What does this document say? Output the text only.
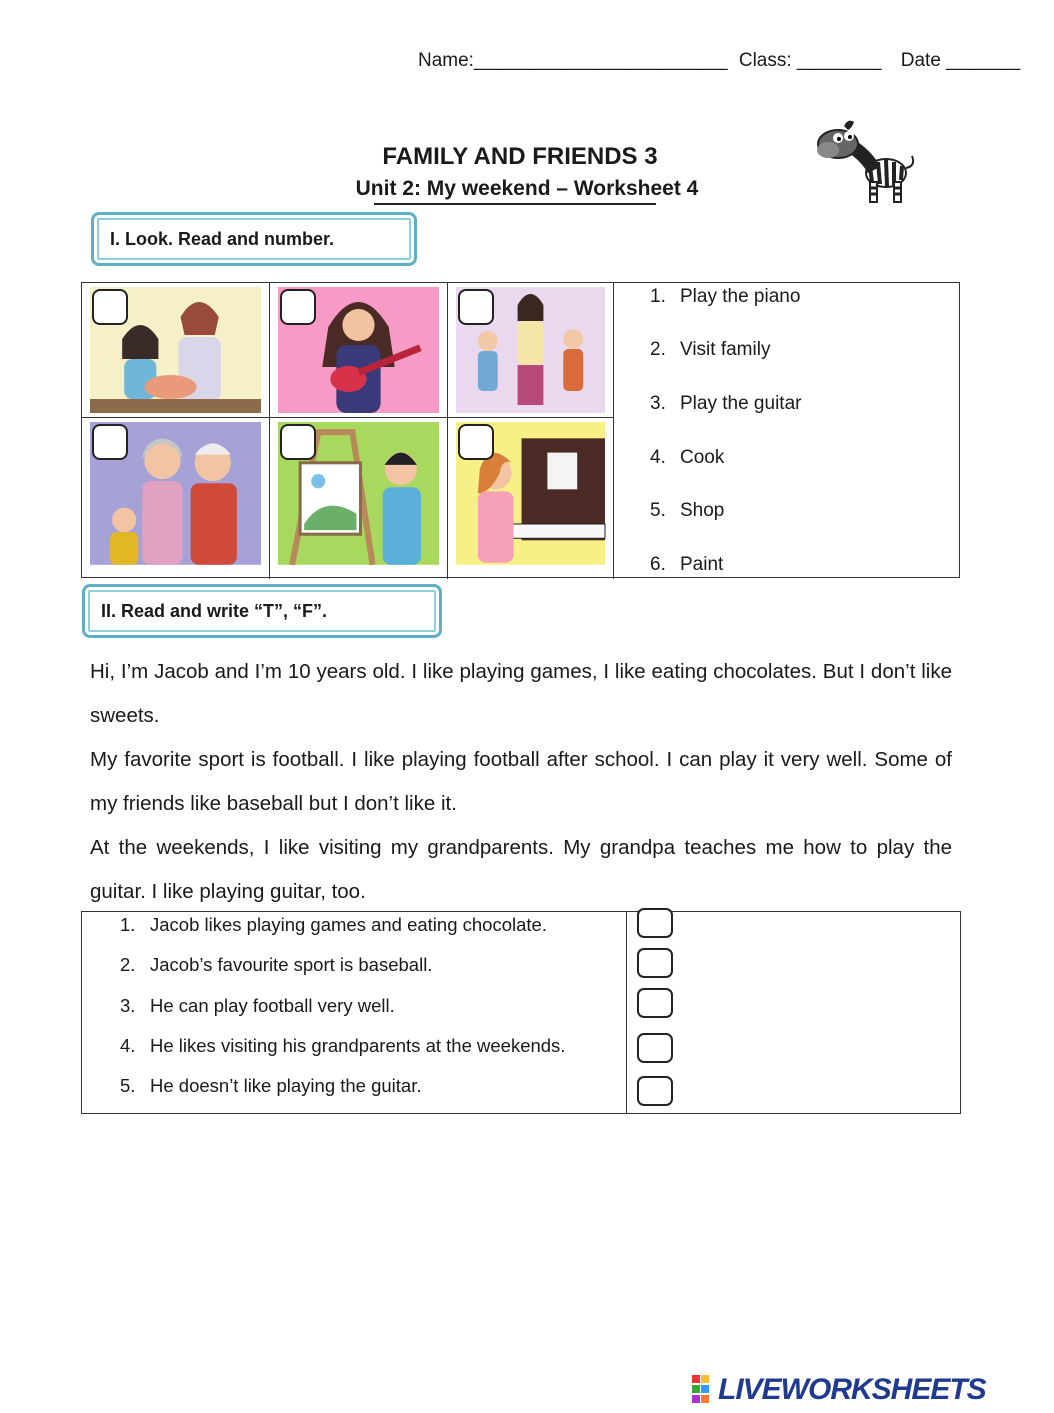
Name:________________________ Class: ________ Date _______
FAMILY AND FRIENDS 3
Unit 2: My weekend – Worksheet 4
I. Look. Read and number.
1. Play the piano
2. Visit family
3. Play the guitar
4. Cook
5. Shop
6. Paint
II. Read and write “T”, “F”.

Hi, I’m Jacob and I’m 10 years old. I like playing games, I like eating chocolates. But I don’t like sweets.

My favorite sport is football. I like playing football after school. I can play it very well. Some of my friends like baseball but I don’t like it.

At the weekends, I like visiting my grandparents. My grandpa teaches me how to play the guitar. I like playing guitar, too.

1. Jacob likes playing games and eating chocolate.
2. Jacob’s favourite sport is baseball.
3. He can play football very well.
4. He likes visiting his grandparents at the weekends.
5. He doesn’t like playing the guitar.
LIVEWORKSHEETS
